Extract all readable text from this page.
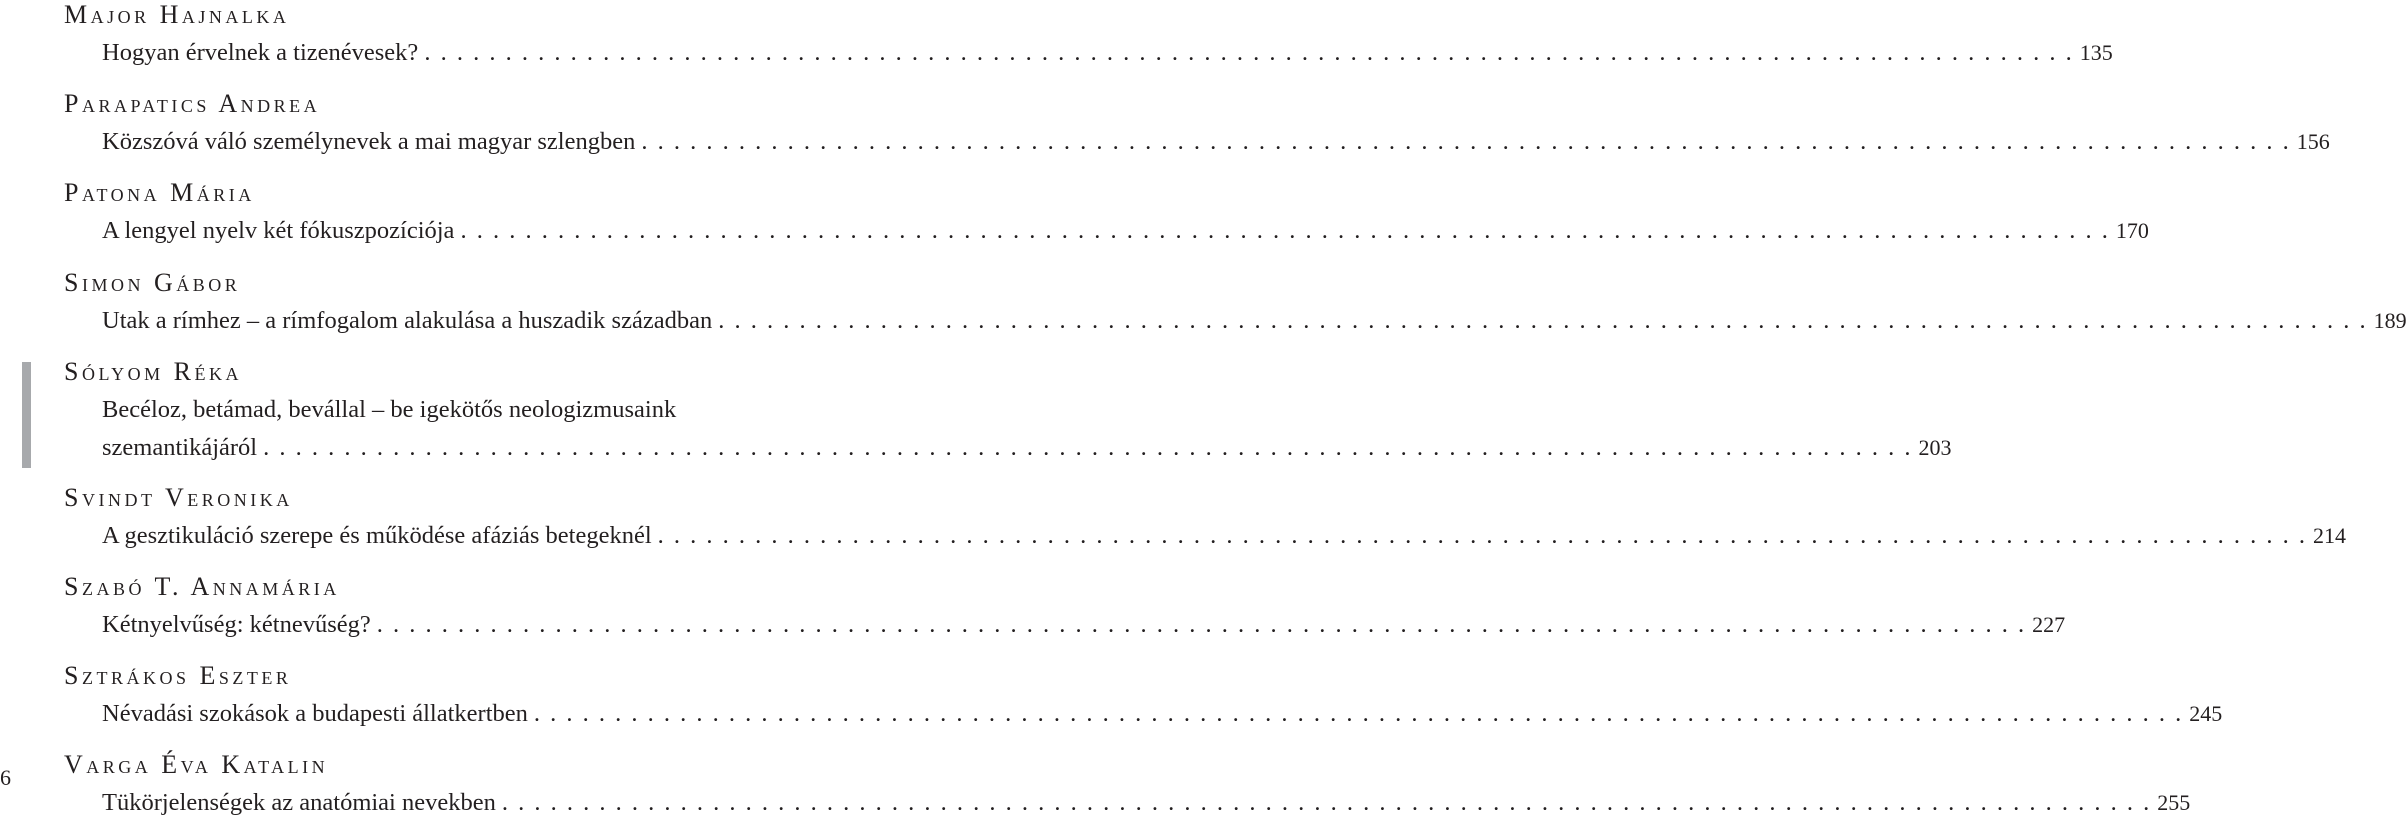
6
Major Hajnalka
Hogyan érvelnek a tizenévesek? . . . . . . . . . . . . . . . . . . . . . . . . . . . . . . . . . . . . . . . . . . . . . . . . . . . . . . . . . . . . . . . . . . . . . . . . . . . . . . . . . . . . . . . . . . . . . . . . . . . . . . 135
Parapatics Andrea
Közszóvá váló személynevek a mai magyar szlengben . . . . . . . . . . . . . . . . . . . . . . . . . . . . . . . . . . . . . . . . . . . . . . . . . . . . . . . . . . . . . . . . . . . . . . . . . . . . . . . . . . . . . . . . . . . . . . . . . . . . . . 156
Patona Mária
A lengyel nyelv két fókuszpozíciója . . . . . . . . . . . . . . . . . . . . . . . . . . . . . . . . . . . . . . . . . . . . . . . . . . . . . . . . . . . . . . . . . . . . . . . . . . . . . . . . . . . . . . . . . . . . . . . . . . . . . . 170
Simon Gábor
Utak a rímhez – a rímfogalom alakulása a huszadik században . . . . . . . . . . . . . . . . . . . . . . . . . . . . . . . . . . . . . . . . . . . . . . . . . . . . . . . . . . . . . . . . . . . . . . . . . . . . . . . . . . . . . . . . . . . . . . . . . . . . . . 189
Sólyom Réka
Becéloz, betámad, bevállal – be igekötős neologizmusaink
szemantikájáról . . . . . . . . . . . . . . . . . . . . . . . . . . . . . . . . . . . . . . . . . . . . . . . . . . . . . . . . . . . . . . . . . . . . . . . . . . . . . . . . . . . . . . . . . . . . . . . . . . . . . . 203
Svindt Veronika
A gesztikuláció szerepe és működése afáziás betegeknél . . . . . . . . . . . . . . . . . . . . . . . . . . . . . . . . . . . . . . . . . . . . . . . . . . . . . . . . . . . . . . . . . . . . . . . . . . . . . . . . . . . . . . . . . . . . . . . . . . . . . . 214
Szabó T. Annamária
Kétnyelvűség: kétnevűség? . . . . . . . . . . . . . . . . . . . . . . . . . . . . . . . . . . . . . . . . . . . . . . . . . . . . . . . . . . . . . . . . . . . . . . . . . . . . . . . . . . . . . . . . . . . . . . . . . . . . . . 227
Sztrákos Eszter
Névadási szokások a budapesti állatkertben . . . . . . . . . . . . . . . . . . . . . . . . . . . . . . . . . . . . . . . . . . . . . . . . . . . . . . . . . . . . . . . . . . . . . . . . . . . . . . . . . . . . . . . . . . . . . . . . . . . . . . 245
Varga Éva Katalin
Tükörjelenségek az anatómiai nevekben . . . . . . . . . . . . . . . . . . . . . . . . . . . . . . . . . . . . . . . . . . . . . . . . . . . . . . . . . . . . . . . . . . . . . . . . . . . . . . . . . . . . . . . . . . . . . . . . . . . . . . 255
